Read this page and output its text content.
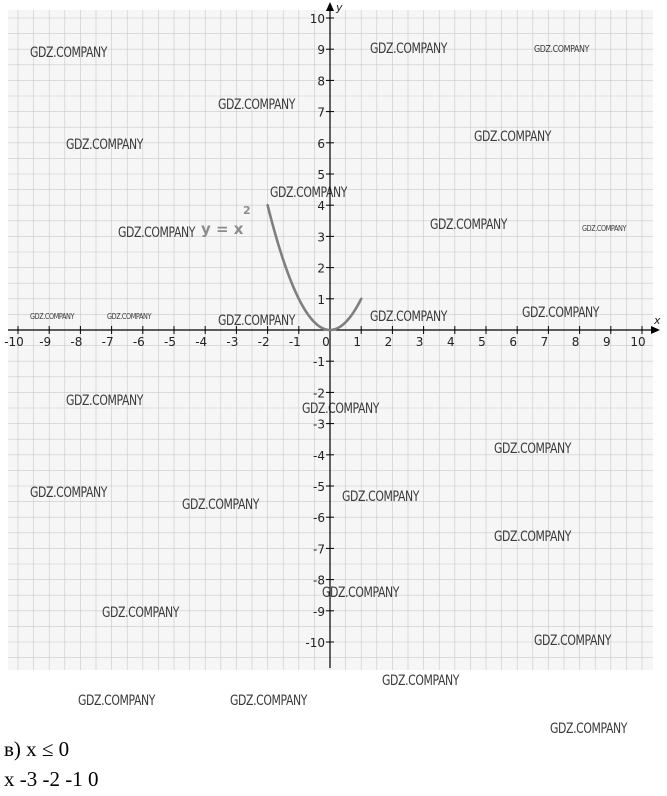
GDZ.COMPANY	GDZ.COMPANY	GDZ.COMPANY
GDZ.COMPANY
GDZ.COMPANY	GDZ.COMPANY
GDZ.COMPANY
GDZ.COMPANY	GDZ.COMPANY	GDZ.COMPANY
GDZ.COMPANY	GDZ.COMPANY	GDZ.COMPANY	GDZ.COMPANY	GDZ.COMPANY
GDZ.COMPANY	GDZ.COMPANY
GDZ.COMPANY
GDZ.COMPANY	GDZ.COMPANY
GDZ.COMPANY
GDZ.COMPANY
GDZ.COMPANY
GDZ.COMPANY
GDZ.COMPANY
GDZ.COMPANY
GDZ.COMPANY	GDZ.COMPANY
GDZ.COMPANY
x
y
-10 -9 -8 -7 -6 -5 -4 -3 -2 -1 0 1 2 3 4 5 6 7 8 9 10
10
9
8
7
6
5
4
3
2
1
-1
-2
-3
-4
-5
-6
-7
-8
-9
-10
y = x
2
в) x ≤ 0
x -3 -2 -1 0
